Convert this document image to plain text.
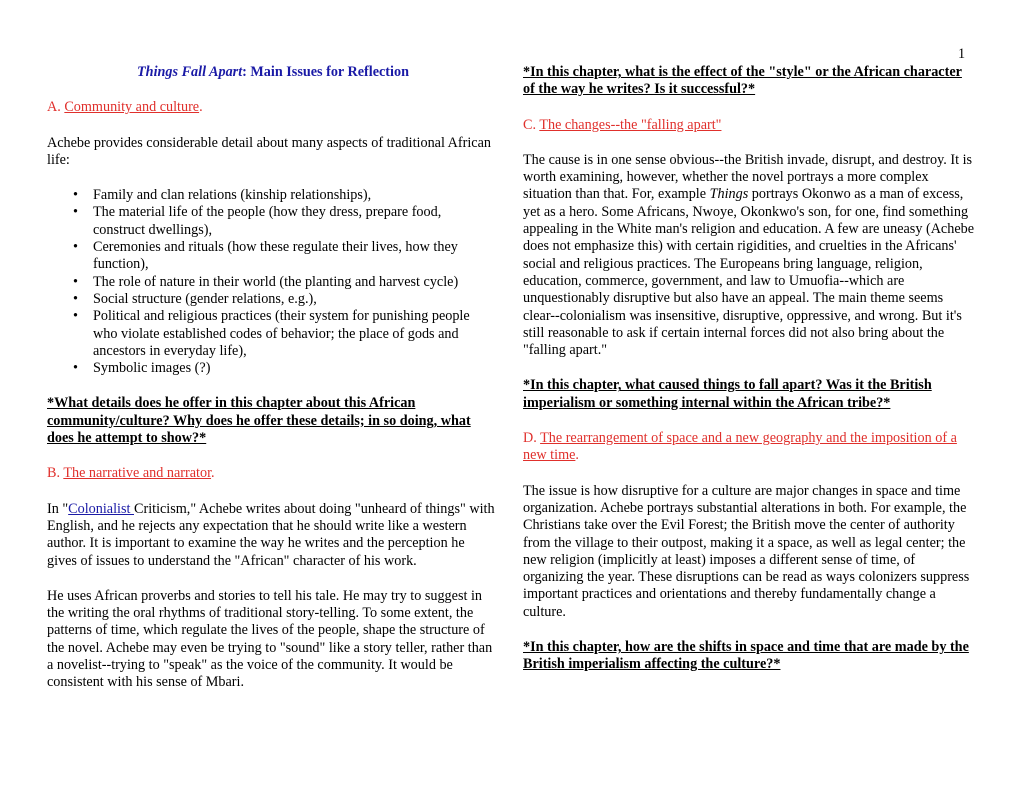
1

Things Fall Apart: Main Issues for Reflection

A. Community and culture.

Achebe provides considerable detail about many aspects of traditional African life:

• Family and clan relations (kinship relationships),
• The material life of the people (how they dress, prepare food, construct dwellings),
• Ceremonies and rituals (how these regulate their lives, how they function),
• The role of nature in their world (the planting and harvest cycle)
• Social structure (gender relations, e.g.),
• Political and religious practices (their system for punishing people who violate established codes of behavior; the place of gods and ancestors in everyday life),
• Symbolic images (?)

*What details does he offer in this chapter about this African community/culture? Why does he offer these details; in so doing, what does he attempt to show?*

B. The narrative and narrator.

In "Colonialist Criticism," Achebe writes about doing "unheard of things" with English, and he rejects any expectation that he should write like a western author. It is important to examine the way he writes and the perception he gives of issues to understand the "African" character of his work.

He uses African proverbs and stories to tell his tale. He may try to suggest in the writing the oral rhythms of traditional story-telling. To some extent, the patterns of time, which regulate the lives of the people, shape the structure of the novel. Achebe may even be trying to "sound" like a story teller, rather than a novelist--trying to "speak" as the voice of the community. It would be consistent with his sense of Mbari.

*In this chapter, what is the effect of the "style" or the African character of the way he writes? Is it successful?*

C. The changes--the "falling apart"

The cause is in one sense obvious--the British invade, disrupt, and destroy. It is worth examining, however, whether the novel portrays a more complex situation than that. For, example Things portrays Okonwo as a man of excess, yet as a hero. Some Africans, Nwoye, Okonkwo's son, for one, find something appealing in the White man's religion and education. A few are uneasy (Achebe does not emphasize this) with certain rigidities, and cruelties in the Africans' social and religious practices. The Europeans bring language, religion, education, commerce, government, and law to Umuofia--which are unquestionably disruptive but also have an appeal. The main theme seems clear--colonialism was insensitive, disruptive, oppressive, and wrong. But it's still reasonable to ask if certain internal forces did not also bring about the "falling apart."

*In this chapter, what caused things to fall apart? Was it the British imperialism or something internal within the African tribe?*

D. The rearrangement of space and a new geography and the imposition of a new time.

The issue is how disruptive for a culture are major changes in space and time organization. Achebe portrays substantial alterations in both. For example, the Christians take over the Evil Forest; the British move the center of authority from the village to their outpost, making it a space, as well as legal center; the new religion (implicitly at least) imposes a different sense of time, of organizing the year. These disruptions can be read as ways colonizers suppress important practices and orientations and thereby fundamentally change a culture.

*In this chapter, how are the shifts in space and time that are made by the British imperialism affecting the culture?*
